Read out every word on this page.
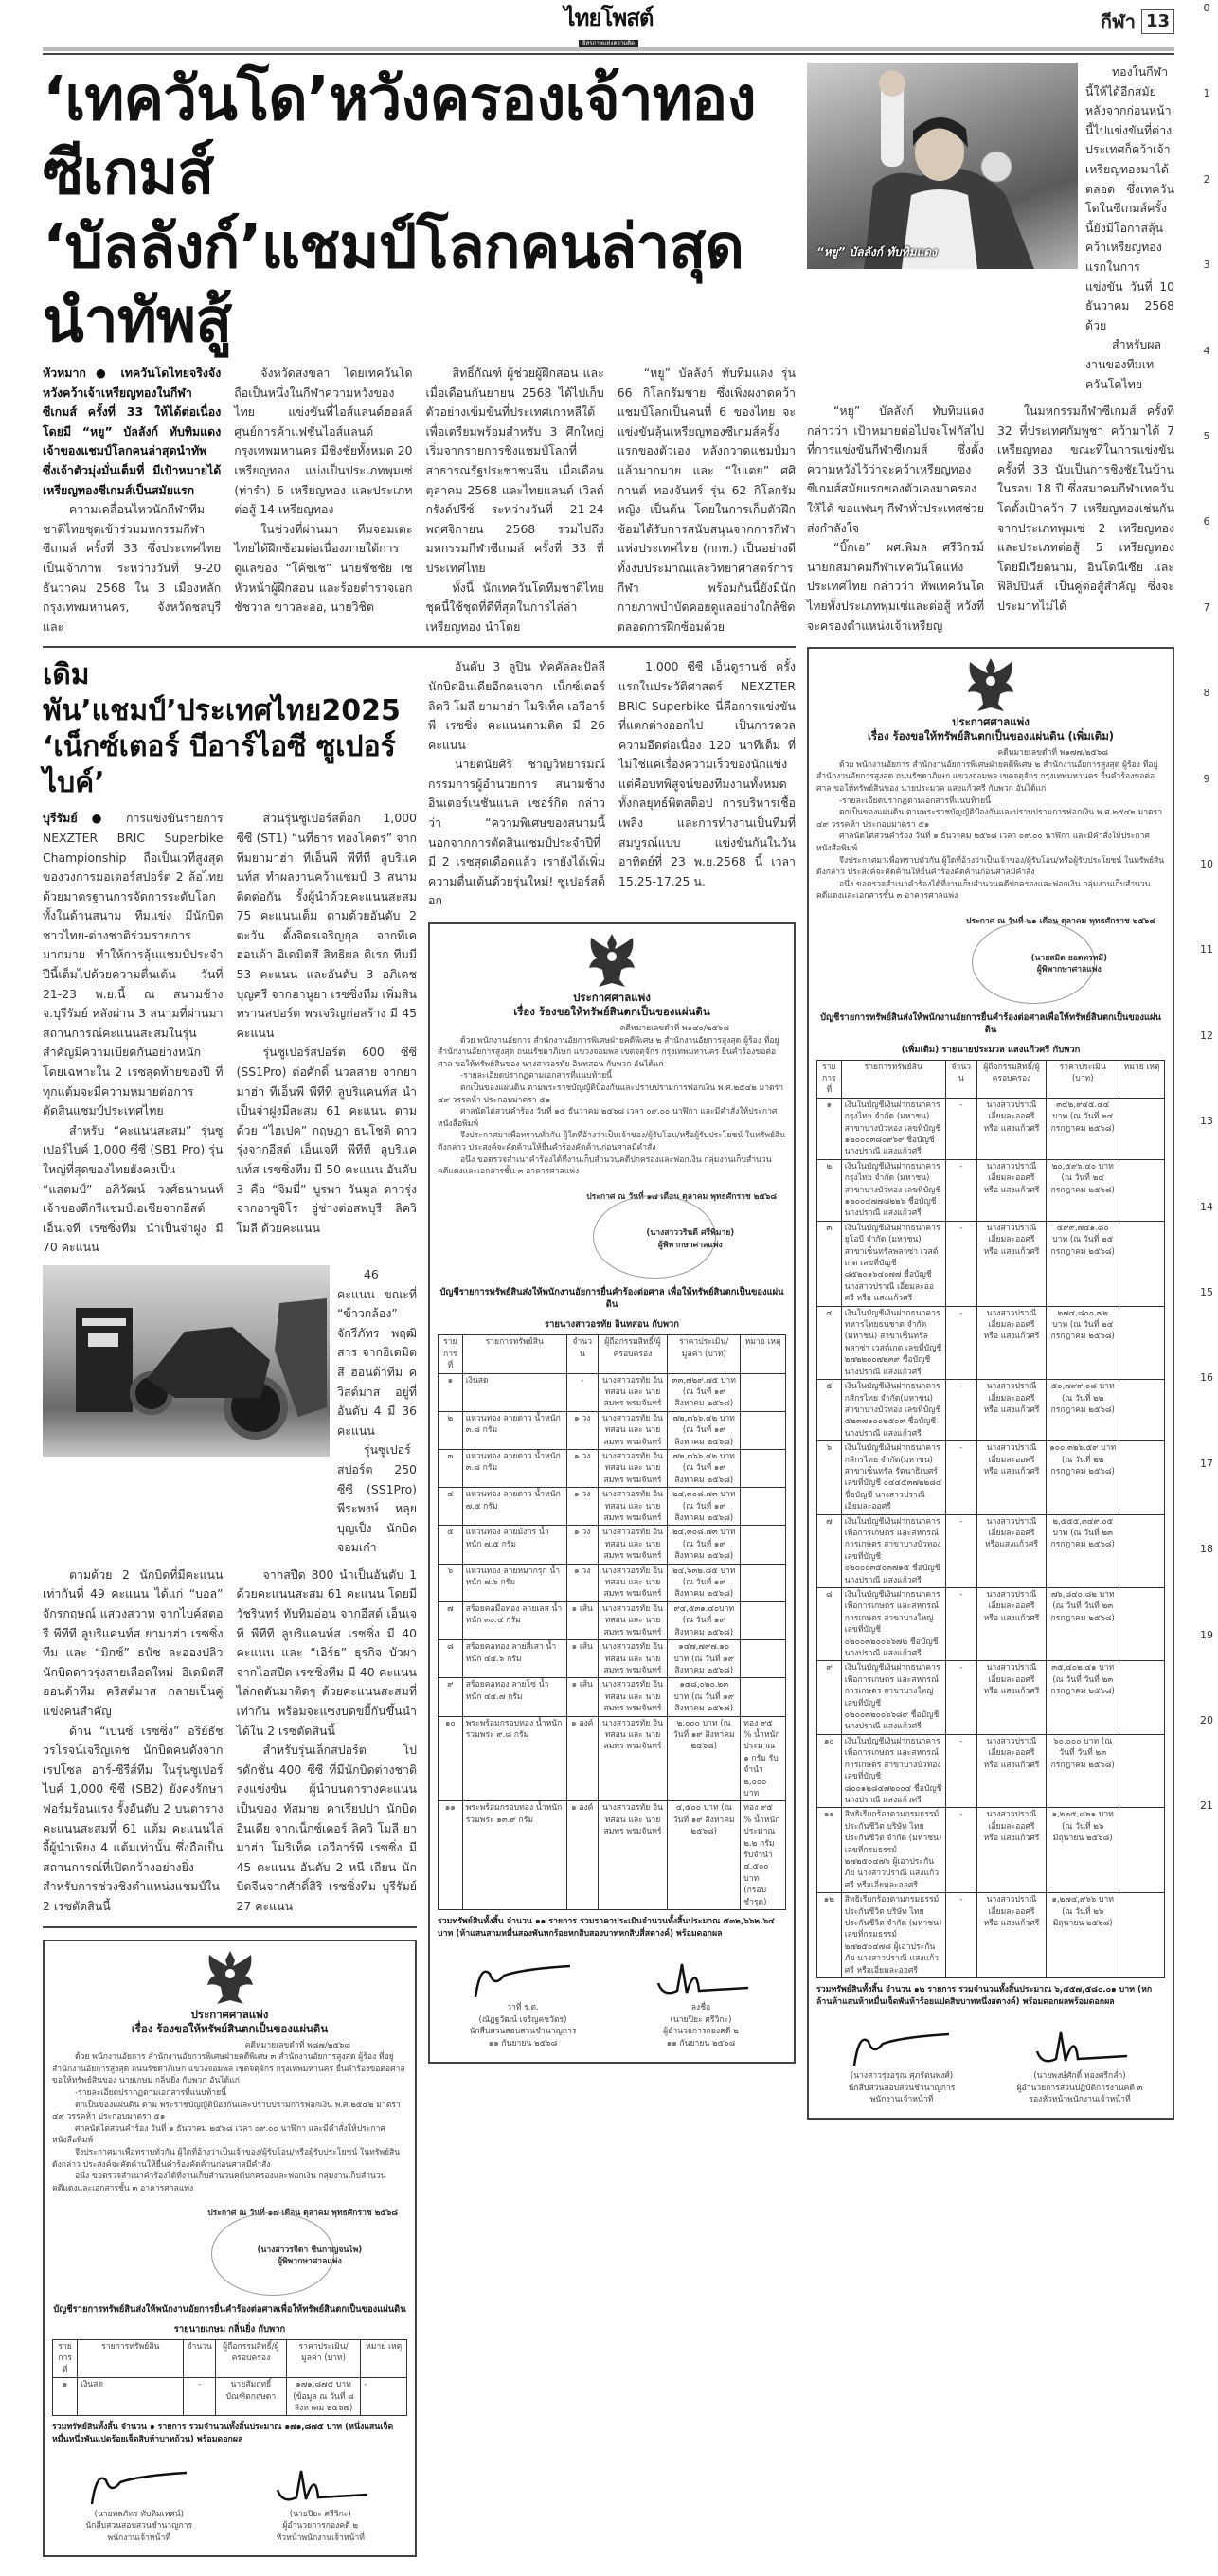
0
1
2
3
4
5
6
7
8
9
10
11
12
13
14
15
16
17
18
19
20
21
ไทยโพสต์
อิสรภาพแห่งความคิด
กีฬา 13
‘เทควันโด’หวังครองเจ้าทองซีเกมส์
‘บัลลังก์’แชมป์โลกคนล่าสุดนำทัพสู้

หัวหมาก ● เทควันโดไทยจริงจัง หวังคว้าเจ้าเหรียญทองในกีฬาซีเกมส์ ครั้งที่ 33 ให้ได้ต่อเนื่อง โดยมี “หยู” บัลลังก์ ทับทิมแดง เจ้าของแชมป์โลกคนล่าสุดนำทัพ ซึ่งเจ้าตัวมุ่งมั่นเต็มที่ มีเป้าหมายได้เหรียญทองซีเกมส์เป็นสมัยแรก

ความเคลื่อนไหวนักกีฬาทีมชาติไทยชุดเข้าร่วมมหกรรมกีฬาซีเกมส์ ครั้งที่ 33 ซึ่งประเทศไทยเป็นเจ้าภาพ ระหว่างวันที่ 9-20 ธันวาคม 2568 ใน 3 เมืองหลัก กรุงเทพมหานคร, จังหวัดชลบุรี และ

จังหวัดสงขลา โดยเทควันโดถือเป็นหนึ่งในกีฬาความหวังของไทย แข่งขันที่ไอส์แลนด์ฮอลล์ ศูนย์การค้าแฟชั่นไอส์แลนด์ กรุงเทพมหานคร มีชิงชัยทั้งหมด 20 เหรียญทอง แบ่งเป็นประเภทพุมเซ่ (ท่ารำ) 6 เหรียญทอง และประเภทต่อสู้ 14 เหรียญทอง

ในช่วงที่ผ่านมา ทีมจอมเตะไทยได้ฝึกซ้อมต่อเนื่องภายใต้การดูแลของ “โค้ชเช” นายชัชชัย เช หัวหน้าผู้ฝึกสอน และร้อยตำรวจเอกชัชวาล ขาวละออ, นายวิชิต

สิทธิ์กัณฑ์ ผู้ช่วยผู้ฝึกสอน และเมื่อเดือนกันยายน 2568 ได้ไปเก็บตัวอย่างเข้มข้นที่ประเทศเกาหลีใต้ เพื่อเตรียมพร้อมสำหรับ 3 ศึกใหญ่ เริ่มจากรายการชิงแชมป์โลกที่สาธารณรัฐประชาชนจีน เมื่อเดือนตุลาคม 2568 และไทยแลนด์ เวิลด์ กรังด์ปรีซ์ ระหว่างวันที่ 21-24 พฤศจิกายน 2568 รวมไปถึงมหกรรมกีฬาซีเกมส์ ครั้งที่ 33 ที่ประเทศไทย

ทั้งนี้ นักเทควันโดทีมชาติไทยชุดนี้ใช้ชุดที่ดีที่สุดในการไล่ล่าเหรียญทอง นำโดย

“หยู” บัลลังก์ ทับทิมแดง รุ่น 66 กิโลกรัมชาย ซึ่งเพิ่งผงาดคว้าแชมป์โลกเป็นคนที่ 6 ของไทย จะแข่งขันลุ้นเหรียญทองซีเกมส์ครั้งแรกของตัวเอง หลังกวาดแชมป์มาแล้วมากมาย และ “ใบเตย” ศศิกานต์ ทองจันทร์ รุ่น 62 กิโลกรัมหญิง เป็นต้น โดยในการเก็บตัวฝึกซ้อมได้รับการสนับสนุนจากการกีฬาแห่งประเทศไทย (กกท.) เป็นอย่างดี ทั้งงบประมาณและวิทยาศาสตร์การกีฬา พร้อมกันนี้ยังมีนักกายภาพบำบัดคอยดูแลอย่างใกล้ชิดตลอดการฝึกซ้อมด้วย

เดิมพัน’แชมป์’ประเทศไทย2025
‘เน็กซ์เตอร์ บีอาร์ไอซี ซูเปอร์ไบค์’

บุรีรัมย์ ● การแข่งขันรายการ NEXZTER BRIC Superbike Championship ถือเป็นเวทีสูงสุดของวงการมอเตอร์สปอร์ต 2 ล้อไทย ด้วยมาตรฐานการจัดการระดับโลก ทั้งในด้านสนาม ทีมแข่ง มีนักบิดชาวไทย-ต่างชาติร่วมรายการมากมาย ทำให้การลุ้นแชมป์ประจำปีนี้เต็มไปด้วยความตื่นเต้น วันที่ 21-23 พ.ย.นี้ ณ สนามช้าง จ.บุรีรัมย์ หลังผ่าน 3 สนามที่ผ่านมา สถานการณ์คะแนนสะสมในรุ่นสำคัญมีความเบียดกันอย่างหนัก โดยเฉพาะใน 2 เรซสุดท้ายของปี ที่ทุกแต้มจะมีความหมายต่อการตัดสินแชมป์ประเทศไทย

สำหรับ “คะแนนสะสม” รุ่นซูเปอร์ไบค์ 1,000 ซีซี (SB1 Pro) รุ่นใหญ่ที่สุดของไทยยังคงเป็น “แสตมป์” อภิวัฒน์ วงศ์ธนานนท์ เจ้าของดีกรีแชมป์เอเชียจากอีสต์ เอ็นเจที เรซซิ่งทีม นำเป็นจ่าฝูง มี 70 คะแนน

ส่วนรุ่นซูเปอร์สต็อก 1,000 ซีซี (ST1) “นที่ธาร ทองโคตร” จากทีมยามาฮ่า ทีเอ็นพี พีทีที ลูบริแคนท์ส ทำผลงานคว้าแชมป์ 3 สนามติดต่อกัน รั้งผู้นำด้วยคะแนนสะสม 75 คะแนนเต็ม ตามด้วยอันดับ 2 ตะวัน ตั้งจิตรเจริญกุล จากทีเค ฮอนด้า อิเดมิตสึ สิทธิผล ดิเรก ทีมมี 53 คะแนน และอันดับ 3 อภิเดช บุญศรี จากฮานูยา เรซซิ่งทีม เพิ่มสินทรานสปอร์ต พรเจริญก่อสร้าง มี 45 คะแนน

รุ่นซูเปอร์สปอร์ต 600 ซีซี (SS1Pro) ต่อศักดิ์ นวลสาย จากยามาฮ่า ทีเอ็นพี พีทีที ลูบริแคนท์ส นำเป็นจ่าฝูงมีสะสม 61 คะแนน ตามด้วย “ไฮเปค” กฤษฎา ธนโชติ ดาวรุ่งจากอีสต์ เอ็นเจที พีทีที ลูบริแคนท์ส เรซซิ่งทีม มี 50 คะแนน อันดับ 3 คือ “จิมมี่” บูรพา วันมูล ดาวรุ่งจากอาซูจิโร อู่ช่างต่อสพบุรี ลิควิโมลี ด้วยคะแนน

46 คะแนน ขณะที่ “ข้าวกล้อง” จักรีภัทร พฤฒิสาร จากอิเดมิตสึ ฮอนด้าทีม ควิสต์มาส อยู่ที่อันดับ 4 มี 36 คะแนน

รุ่นซูเปอร์สปอร์ต 250 ซีซี (SS1Pro) พีระพงษ์ หลุยบุญเป็ง นักบิดจอมเก๋า

ตามด้วย 2 นักบิดที่มีคะแนนเท่ากันที่ 49 คะแนน ได้แก่ “บอล” จักรกฤษณ์ แสวงสวาท จากไบค์สตอรี พีทีที ลูบริแคนท์ส ยามาฮ่า เรซซิ่งทีม และ “มิกซ์” ธนัช ละอองปลิว นักบิดดาวรุ่งสายเลือดใหม่ อิเดมิตสึ ฮอนด้าทีม คริสต์มาส กลายเป็นคู่แข่งคนสำคัญ

ด้าน “เบนซ์ เรซซิ่ง” อริย์ธัช วรโรจน์เจริญเดช นักบิดคนดังจาก เรปโซล อาร์-ซีรีส์ทีม ในรุ่นซูเปอร์ไบค์ 1,000 ซีซี (SB2) ยังคงรักษาฟอร์มร้อนแรง รั้งอันดับ 2 บนตารางคะแนนสะสมที่ 61 แต้ม คะแนนไล่จี้ผู้นำเพียง 4 แต้มเท่านั้น ซึ่งถือเป็นสถานการณ์ที่เปิดกว้างอย่างยิ่งสำหรับการช่วงชิงตำแหน่งแชมป์ใน 2 เรซตัดสินนี้

จากสปีด 800 นำเป็นอันดับ 1 ด้วยคะแนนสะสม 61 คะแนน โดยมี วัชรินทร์ ทับทิมอ่อน จากอีสต์ เอ็นเจที พีทีที ลูบริแคนท์ส เรซซิ่ง มี 40 คะแนน และ “เอิร์ธ” ธุรกิจ บัวผา จากไอสปีด เรซซิ่งทีม มี 40 คะแนน ไล่กดดันมาติดๆ ด้วยคะแนนสะสมที่เท่ากัน พร้อมจะแซงบดขยี้กันขึ้นนำได้ใน 2 เรซตัดสินนี้

สำหรับรุ่นเล็กสปอร์ต โปรดักชั่น 400 ซีซี ที่มีนักบิดต่างชาติลงแข่งขัน ผู้นำบนตารางคะแนนเป็นของ ทัสมาย คาเรียปปา นักบิดอินเดีย จากเน็กซ์เตอร์ ลิควิ โมลี ยามาฮ่า โมริเท็ค เอวีอาร์พี เรซซิ่ง มี 45 คะแนน อันดับ 2 หนี เถียน นักบิดจีนจากศักดิ์สิริ เรซซิ่งทีม บุรีรัมย์ 27 คะแนน

ประกาศศาลแพ่ง
เรื่อง ร้องขอให้ทรัพย์สินตกเป็นของแผ่นดิน
คดีหมายเลขดำที่ พ๘๗/๒๕๖๘

ด้วย พนักงานอัยการ สำนักงานอัยการพิเศษฝ่ายคดีพิเศษ ๓ สำนักงานอัยการสูงสุด ผู้ร้อง ที่อยู่ สำนักงานอัยการสูงสุด ถนนรัชดาภิเษก แขวงจอมพล เขตจตุจักร กรุงเทพมหานคร ยื่นคำร้องขอต่อศาล ขอให้ทรัพย์สินของ นายเกษม กลิ่นยิ่ง กับพวก อันได้แก่

-รายละเอียดปรากฏตามเอกสารที่แนบท้ายนี้

ตกเป็นของแผ่นดิน ตาม พระราชบัญญัติป้องกันและปราบปรามการฟอกเงิน พ.ศ.๒๕๔๒ มาตรา ๔๙ วรรคห้า ประกอบมาตรา ๕๑

ศาลนัดไต่สวนคำร้อง วันที่ ๑ ธันวาคม ๒๕๖๘ เวลา ๐๙.๐๐ นาฬิกา และมีคำสั่งให้ประกาศหนังสือพิมพ์

จึงประกาศมาเพื่อทราบทั่วกัน ผู้ใดที่อ้างว่าเป็นเจ้าของ/ผู้รับโอน/หรือผู้รับประโยชน์ ในทรัพย์สินดังกล่าว ประสงค์จะคัดค้านให้ยื่นคำร้องคัดค้านก่อนศาลมีคำสั่ง

อนึ่ง ขอตรวจสำเนาคำร้องได้ที่งานเก็บสำนวนคดีปกครองและฟอกเงิน กลุ่มงานเก็บสำนวนคดีแดงและเอกสารชั้น ๓ อาคารศาลแพ่ง

ประกาศ ณ วันที่ ๑๗ เดือน ตุลาคม พุทธศักราช ๒๕๖๘
(นางสาวรจิดา ชินกาญจนไพ)
ผู้พิพากษาศาลแพ่ง
บัญชีรายการทรัพย์สินส่งให้พนักงานอัยการยื่นคำร้องต่อศาลเพื่อให้ทรัพย์สินตกเป็นของแผ่นดิน
รายนายเกษม กลิ่นยิ่ง กับพวก
รายการที่	รายการทรัพย์สิน	จำนวน	ผู้ถือกรรมสิทธิ์/ผู้ครอบครอง	ราคาประเมิน/มูลค่า (บาท)	หมาย เหตุ
๑	เงินสด	-	นายสัมฤทธิ์ บัณฑิตกฤษดา	๑๗๑,๘๗๕ บาท (ข้อมูล ณ วันที่ ๘ สิงหาคม ๒๕๖๗)	-
รวมทรัพย์สินทั้งสิ้น จำนวน ๑ รายการ รวมจำนวนทั้งสิ้นประมาณ ๑๗๑,๘๗๕ บาท (หนึ่งแสนเจ็ดหมื่นหนึ่งพันแปดร้อยเจ็ดสิบห้าบาทถ้วน) พร้อมดอกผล
(นายพลภัทร ทับทิมเทศน์)
นักสืบสวนสอบสวนชำนาญการ
พนักงานเจ้าหน้าที่
(นายปิยะ ศรีวิกะ)
ผู้อำนวยการกองคดี ๒
หัวหน้าพนักงานเจ้าหน้าที่

อันดับ 3 ลูปิน ทัคคัลละปัลลี นักบิดอินเดียอีกคนจาก เน็กซ์เตอร์ ลิควิ โมลี ยามาฮ่า โมริเท็ค เอวีอาร์พี เรซซิ่ง คะแนนตามติด มี 26 คะแนน

นายตนัยศิริ ชาญวิทยารมณ์ กรรมการผู้อำนวยการ สนามช้าง อินเตอร์เนชั่นแนล เซอร์กิต กล่าวว่า “ความพิเศษของสนามนี้ นอกจากการตัดสินแชมป์ประจำปีที่มี 2 เรซสุดเดือดแล้ว เรายังได้เพิ่มความตื่นเต้นด้วยรุ่นใหม่! ซูเปอร์สต็อก

1,000 ซีซี เอ็นดูรานซ์ ครั้งแรกในประวัติศาสตร์ NEXZTER BRIC Superbike นี่คือการแข่งขันที่แตกต่างออกไป เป็นการดวลความอึดต่อเนื่อง 120 นาทีเต็ม ที่ไม่ใช่แค่เรื่องความเร็วของนักแข่ง แต่คือบทพิสูจน์ของทีมงานทั้งหมด ทั้งกลยุทธ์พิตสต็อป การบริหารเชื้อเพลิง และการทำงานเป็นทีมที่สมบูรณ์แบบ แข่งขันกันในวันอาทิตย์ที่ 23 พ.ย.2568 นี้ เวลา 15.25-17.25 น.

ประกาศศาลแพ่ง
เรื่อง ร้องขอให้ทรัพย์สินตกเป็นของแผ่นดิน
คดีหมายเลขดำที่ พ๑๔๐/๒๕๖๘

ด้วย พนักงานอัยการ สำนักงานอัยการพิเศษฝ่ายคดีพิเศษ ๒ สำนักงานอัยการสูงสุด ผู้ร้อง ที่อยู่ สำนักงานอัยการสูงสุด ถนนรัชดาภิเษก แขวงจอมพล เขตจตุจักร กรุงเทพมหานคร ยื่นคำร้องขอต่อศาล ขอให้ทรัพย์สินของ นางสาวอรทัย อินทสอน กับพวก อันได้แก่

-รายละเอียดปรากฏตามเอกสารที่แนบท้ายนี้

ตกเป็นของแผ่นดิน ตามพระราชบัญญัติป้องกันและปราบปรามการฟอกเงิน พ.ศ.๒๕๔๒ มาตรา ๔๙ วรรคห้า ประกอบมาตรา ๕๑

ศาลนัดไต่สวนคำร้อง วันที่ ๑๕ ธันวาคม ๒๕๖๘ เวลา ๐๙.๐๐ นาฬิกา และมีคำสั่งให้ประกาศหนังสือพิมพ์

จึงประกาศมาเพื่อทราบทั่วกัน ผู้ใดที่อ้างว่าเป็นเจ้าของ/ผู้รับโอน/หรือผู้รับประโยชน์ ในทรัพย์สินดังกล่าว ประสงค์จะคัดค้านให้ยื่นคำร้องคัดค้านก่อนศาลมีคำสั่ง

อนึ่ง ขอตรวจสำเนาคำร้องได้ที่งานเก็บสำนวนคดีปกครองและฟอกเงิน กลุ่มงานเก็บสำนวนคดีแดงและเอกสารชั้น ๓ อาคารศาลแพ่ง

ประกาศ ณ วันที่ ๑๗ เดือน ตุลาคม พุทธศักราช ๒๕๖๘
(นางสาววรินดี ศรีพิมาย)
ผู้พิพากษาศาลแพ่ง
บัญชีรายการทรัพย์สินส่งให้พนักงานอัยการยื่นคำร้องต่อศาล เพื่อให้ทรัพย์สินตกเป็นของแผ่นดิน
รายนางสาวอรทัย อินทสอน กับพวก
รายการที่	รายการทรัพย์สิน	จำนวน	ผู้ถือกรรมสิทธิ์/ผู้ครอบครอง	ราคาประเมิน/มูลค่า (บาท)	หมาย เหตุ
๑	เงินสด	-	นางสาวอรทัย อินทสอน และ นายสมพร พรมจันทร์	๓๓,๗๒๙.๗๕ บาท (ณ วันที่ ๑๙ สิงหาคม ๒๕๖๘)	
๒	แหวนทอง ลายดาว น้ำหนัก ๓.๘ กรัม	๑ วง	นางสาวอรทัย อินทสอน และ นายสมพร พรมจันทร์	๗๒,๓๖๖.๔๒ บาท (ณ วันที่ ๑๙ สิงหาคม ๒๕๖๘)	
๓	แหวนทอง ลายดาว น้ำหนัก ๓.๘ กรัม	๑ วง	นางสาวอรทัย อินทสอน และ นายสมพร พรมจันทร์	๗๒,๓๖๖.๔๒ บาท (ณ วันที่ ๑๙ สิงหาคม ๒๕๖๘)	
๔	แหวนทอง ลายดาว น้ำหนัก ๗.๕ กรัม	๑ วง	นางสาวอรทัย อินทสอน และ นายสมพร พรมจันทร์	๒๔,๓๐๘.๗๓ บาท (ณ วันที่ ๑๙ สิงหาคม ๒๕๖๘)	
๕	แหวนทอง ลายมังกร น้ำหนัก ๗.๕ กรัม	๑ วง	นางสาวอรทัย อินทสอน และ นายสมพร พรมจันทร์	๒๔,๓๐๘.๗๓ บาท (ณ วันที่ ๑๙ สิงหาคม ๒๕๖๘)	
๖	แหวนทอง ลายหมากรุก น้ำหนัก ๗.๖ กรัม	๑ วง	นางสาวอรทัย อินทสอน และ นายสมพร พรมจันทร์	๒๔,๖๓๒.๘๕ บาท (ณ วันที่ ๑๙ สิงหาคม ๒๕๖๘)	
๗	สร้อยคอมือทอง ลายเลส น้ำหนัก ๓๐.๔ กรัม	๑ เส้น	นางสาวอรทัย อินทสอน และ นายสมพร พรมจันทร์	๙๔,๕๓๑.๔๐บาท (ณ วันที่ ๑๙ สิงหาคม ๒๕๖๘)	
๘	สร้อยคอทอง ลายสี่เสา น้ำหนัก ๔๕.๖ กรัม	๑ เส้น	นางสาวอรทัย อินทสอน และ นายสมพร พรมจันทร์	๑๔๗,๗๙๗.๑๐ บาท (ณ วันที่ ๑๙ สิงหาคม ๒๕๖๘)	
๙	สร้อยคอทอง ลายโซ่ น้ำหนัก ๔๕.๗ กรัม	๑ เส้น	นางสาวอรทัย อินทสอน และ นายสมพร พรมจันทร์	๑๔๘,๐๒๐.๒๓ บาท (ณ วันที่ ๑๙ สิงหาคม ๒๕๖๘)	
๑๐	พระพร้อมกรอบทอง น้ำหนักรวมพระ ๙.๘ กรัม	๑ องค์	นางสาวอรทัย อินทสอน และ นายสมพร พรมจันทร์	๒,๐๐๐ บาท (ณ วันที่ ๑๙ สิงหาคม ๒๕๖๘)	ทอง ๙๕ % น้ำหนักประมาณ ๑ กรัม รับจำนำ ๒,๐๐๐ บาท
๑๑	พระพร้อมกรอบทอง น้ำหนัก รวมพระ ๑๓.๙ กรัม	๑ องค์	นางสาวอรทัย อินทสอน และ นายสมพร พรมจันทร์	๔,๕๐๐ บาท (ณ วันที่ ๑๙ สิงหาคม ๒๕๖๘)	ทอง ๙๕ % น้ำหนักประมาณ ๒.๒ กรัม รับจำนำ ๔,๕๐๐ บาท (กรอบชำรุด)
รวมทรัพย์สินทั้งสิ้น จำนวน ๑๑ รายการ รวมราคาประเมินจำนวนทั้งสิ้นประมาณ ๕๓๒,๖๖๒.๖๔ บาท (ห้าแสนสามหมื่นสองพันหกร้อยหกสิบสองบาทหกสิบสี่สตางค์) พร้อมดอกผล
ว่าที่ ร.ต.
(ณัฏฐวัฒน์ เจริญคชวัตร)
นักสืบสวนสอบสวนชำนาญการ
๑๑ กันยายน ๒๕๖๘
ลงชื่อ
(นายปิยะ ศรีวิกะ)
ผู้อำนวยการกองคดี ๒
๑๑ กันยายน ๒๕๖๘
“หยู” บัลลังก์ ทับทิมแดง

ทองในกีฬานี้ให้ได้อีกสมัย หลังจากก่อนหน้านี้ไปแข่งขันที่ต่างประเทศก็คว้าเจ้าเหรียญทองมาได้ตลอด ซึ่งเทควันโดในซีเกมส์ครั้งนี้ยังมีโอกาสลุ้นคว้าเหรียญทองแรกในการแข่งขัน วันที่ 10 ธันวาคม 2568 ด้วย

สำหรับผลงานของทีมเทควันโดไทย

“หยู” บัลลังก์ ทับทิมแดง กล่าวว่า เป้าหมายต่อไปจะโฟกัสไปที่การแข่งขันกีฬาซีเกมส์ ซึ่งตั้งความหวังไว้ว่าจะคว้าเหรียญทองซีเกมส์สมัยแรกของตัวเองมาครองให้ได้ ขอแฟนๆ กีฬาทั่วประเทศช่วยส่งกำลังใจ

“บิ๊กเอ” ผศ.พิมล ศรีวิกรม์ นายกสมาคมกีฬาเทควันโดแห่งประเทศไทย กล่าวว่า ทัพเทควันโดไทยทั้งประเภทพุมเซ่และต่อสู้ หวังที่จะครองตำแหน่งเจ้าเหรียญ

ในมหกรรมกีฬาซีเกมส์ ครั้งที่ 32 ที่ประเทศกัมพูชา คว้ามาได้ 7 เหรียญทอง ขณะที่ในการแข่งขันครั้งที่ 33 นับเป็นการชิงชัยในบ้านในรอบ 18 ปี ซึ่งสมาคมกีฬาเทควันโดตั้งเป้าคว้า 7 เหรียญทองเช่นกัน จากประเภทพุมเซ่ 2 เหรียญทอง และประเภทต่อสู้ 5 เหรียญทอง โดยมีเวียดนาม, อินโดนีเซีย และฟิลิปปินส์ เป็นคู่ต่อสู้สำคัญ ซึ่งจะประมาทไม่ได้

ประกาศศาลแพ่ง
เรื่อง ร้องขอให้ทรัพย์สินตกเป็นของแผ่นดิน (เพิ่มเติม)
คดีหมายเลขดำที่ พ๑๗๗/๒๕๖๘

ด้วย พนักงานอัยการ สำนักงานอัยการพิเศษฝ่ายคดีพิเศษ ๒ สำนักงานอัยการสูงสุด ผู้ร้อง ที่อยู่ สำนักงานอัยการสูงสุด ถนนรัชดาภิเษก แขวงจอมพล เขตจตุจักร กรุงเทพมหานคร ยื่นคำร้องขอต่อศาล ขอให้ทรัพย์สินของ นายประมวล แสงแก้วศรี กับพวก อันได้แก่

-รายละเอียดปรากฏตามเอกสารที่แนบท้ายนี้

ตกเป็นของแผ่นดิน ตามพระราชบัญญัติป้องกันและปราบปรามการฟอกเงิน พ.ศ.๒๕๔๒ มาตรา ๔๙ วรรคห้า ประกอบมาตรา ๕๑

ศาลนัดไต่สวนคำร้อง วันที่ ๑ ธันวาคม ๒๕๖๘ เวลา ๐๙.๐๐ นาฬิกา และมีคำสั่งให้ประกาศหนังสือพิมพ์

จึงประกาศมาเพื่อทราบทั่วกัน ผู้ใดที่อ้างว่าเป็นเจ้าของ/ผู้รับโอน/หรือผู้รับประโยชน์ ในทรัพย์สินดังกล่าว ประสงค์จะคัดค้านให้ยื่นคำร้องคัดค้านก่อนศาลมีคำสั่ง

อนึ่ง ขอตรวจสำเนาคำร้องได้ที่งานเก็บสำนวนคดีปกครองและฟอกเงิน กลุ่มงานเก็บสำนวนคดีแดงและเอกสารชั้น ๓ อาคารศาลแพ่ง

ประกาศ ณ วันที่ ๒๑ เดือน ตุลาคม พุทธศักราช ๒๕๖๘
(นายสมิต ยอดทรหมี)
ผู้พิพากษาศาลแพ่ง
บัญชีรายการทรัพย์สินส่งให้พนักงานอัยการยื่นคำร้องต่อศาลเพื่อให้ทรัพย์สินตกเป็นของแผ่นดิน
(เพิ่มเติม) รายนายประมวล แสงแก้วศรี กับพวก
รายการที่	รายการทรัพย์สิน	จำนวน	ผู้ถือกรรมสิทธิ์/ผู้ครอบครอง	ราคาประเมิน (บาท)	หมาย เหตุ
๑	เงินในบัญชีเงินฝากธนาคารกรุงไทย จำกัด (มหาชน) สาขาบางบัวทอง เลขที่บัญชี ๑๒๐๐๐๓๘๐๙๖๙ ชื่อบัญชี นางปราณี แสงแก้วศรี	-	นางสาวปราณี เอี่ยมละออศรี หรือ แสงแก้วศรี	๓๔๒,๙๔๕.๔๔ บาท (ณ วันที่ ๒๔ กรกฎาคม ๒๕๖๘)	
๒	เงินในบัญชีเงินฝากธนาคารกรุงไทย จำกัด (มหาชน) สาขาบางบัวทอง เลขที่บัญชี ๑๒๐๐๔๗๗๘๒๒๖ ชื่อบัญชี นางปราณี แสงแก้วศรี	-	นางสาวปราณี เอี่ยมละออศรี หรือ แสงแก้วศรี	๒๐,๕๙๖.๔๐ บาท (ณ วันที่ ๒๔ กรกฎาคม ๒๕๖๘)	
๓	เงินในบัญชีเงินฝากธนาคารยูโอบี จำกัด (มหาชน) สาขาเซ็นทรัลพลาซ่า เวสต์เกต เลขที่บัญชี ๘๕๒๐๑๖๔๐๗๗ ชื่อบัญชี นางสาวปราณี เอี่ยมละออศรี หรือ แสงแก้วศรี	-	นางสาวปราณี เอี่ยมละออศรี หรือ แสงแก้วศรี	๔๙๙,๗๔๑.๘๐ บาท (ณ วันที่ ๒๕ กรกฎาคม ๒๕๖๘)	
๔	เงินในบัญชีเงินฝากธนาคารทหารไทยธนชาต จำกัด (มหาชน) สาขาเซ็นทรัลพลาซ่า เวสต์เกต เลขที่บัญชี ๒๗๒๒๐๐๗๒๓๙ ชื่อบัญชี นางปราณี แสงแก้วศรี	-	นางสาวปราณี เอี่ยมละออศรี หรือ แสงแก้วศรี	๒๗๔,๘๐๐.๗๒ บาท (ณ วันที่ ๒๔ กรกฎาคม ๒๕๖๘)	
๕	เงินในบัญชีเงินฝากธนาคารกสิกรไทย จำกัด(มหาชน) สาขาบางบัวทอง เลขที่บัญชี ๕๒๓๗๑๐๐๒๕๐๙ ชื่อบัญชี นางปราณี แสงแก้วศรี	-	นางสาวปราณี เอี่ยมละออศรี หรือ แสงแก้วศรี	๕๐,๗๙๙.๐๘ บาท (ณ วันที่ ๒๒ กรกฎาคม ๒๕๖๘)	
๖	เงินในบัญชีเงินฝากธนาคารกสิกรไทย จำกัด(มหาชน) สาขาเซ็นทรัล รัตนาธิเบศร์ เลขที่บัญชี ๐๔๔๕๓๗๒๒๘๔ ชื่อบัญชี นางสาวปราณี เอี่ยมละออศรี	-	นางสาวปราณี เอี่ยมละออศรี หรือ แสงแก้วศรี	๑๐๐,๓๒๖.๕๙ บาท (ณ วันที่ ๒๒ กรกฎาคม ๒๕๖๘)	
๗	เงินในบัญชีเงินฝากธนาคารเพื่อการเกษตร และสหกรณ์การเกษตร สาขาบางบัวทอง เลขที่บัญชี ๐๒๐๐๐๓๕๐๓๗๑๕ ชื่อบัญชี นางปราณี แสงแก้วศรี	-	นางสาวปราณี เอี่ยมละออศรี หรือแสงแก้วศรี	๒,๕๕๕,๓๔๙.๐๕ บาท (ณ วันที่ ๒๓ กรกฎาคม ๒๕๖๘)	
๘	เงินในบัญชีเงินฝากธนาคารเพื่อการเกษตร และสหกรณ์การเกษตร สาขาบางใหญ่ เลขที่บัญชี ๐๒๐๐๓๒๐๐๖๖๗๒ ชื่อบัญชี นางปราณี แสงแก้วศรี	-	นางสาวปราณี เอี่ยมละออศรี หรือ แสงแก้วศรี	๗๖,๘๔๐.๘๒ บาท (ณ วันที่ วันที่ ๒๓ กรกฎาคม ๒๕๖๘)	
๙	เงินในบัญชีเงินฝากธนาคารเพื่อการเกษตร และสหกรณ์การเกษตร สาขาบางใหญ่ เลขที่บัญชี ๐๒๐๐๓๒๐๐๖๖๘๙ ชื่อบัญชี นางปราณี แสงแก้วศรี	-	นางสาวปราณี เอี่ยมละออศรี หรือ แสงแก้วศรี	๓๕,๔๐๒.๔๑ บาท (ณ วันที่ วันที่ ๒๓ กรกฎาคม ๒๕๖๘)	
๑๐	เงินในบัญชีเงินฝากธนาคารเพื่อการเกษตร และสหกรณ์การเกษตร สาขาบางบัวทอง เลขที่บัญชี ๘๐๐๑๒๘๔๗๒๐๐๔ ชื่อบัญชี นางปราณี แสงแก้วศรี	-	นางสาวปราณี เอี่ยมละออศรี หรือ แสงแก้วศรี	๖๐,๐๐๐ บาท (ณ วันที่ วันที่ ๒๓ กรกฎาคม ๒๕๖๘)	
๑๑	สิทธิเรียกร้องตามกรมธรรม์ประกันชีวิต บริษัท ไทยประกันชีวิต จำกัด (มหาชน) เลขที่กรมธรรม์ ๒๗๒๕๐๔๗๖ ผู้เอาประกันภัย นางสาวปราณี แสงแก้วศรี หรือเอี่ยมละออศรี	-	นางสาวปราณี เอี่ยมละออศรี หรือ แสงแก้วศรี	๑,๒๒๕,๘๒๑ บาท (ณ วันที่ ๒๖ มิถุนายน ๒๕๖๘)	
๑๒	สิทธิเรียกร้องตามกรมธรรม์ประกันชีวิต บริษัท ไทยประกันชีวิต จำกัด (มหาชน) เลขที่กรมธรรม์ ๒๗๒๕๐๔๗๘ ผู้เอาประกันภัย นางสาวปราณี แสงแก้วศรี หรือเอี่ยมละออศรี	-	นางสาวปราณี เอี่ยมละออศรี หรือ แสงแก้วศรี	๑,๒๗๔,๙๖๖ บาท (ณ วันที่ ๒๖ มิถุนายน ๒๕๖๘)	
รวมทรัพย์สินทั้งสิ้น จำนวน ๑๒ รายการ รวมจำนวนทั้งสิ้นประมาณ ๖,๕๕๗,๕๘๐.๐๑ บาท (หกล้านห้าแสนห้าหมื่นเจ็ดพันห้าร้อยแปดสิบบาทหนึ่งสตางค์) พร้อมดอกผลพร้อมดอกผล
(นางสาวรุ่งอรุณ ศุภรัตนพงศ์)
นักสืบสวนสอบสวนชำนาญการ
พนักงานเจ้าหน้าที่
(นายพงษ์ศักดิ์ ทองศรีกล่ำ)
ผู้อำนวยการส่วนปฏิบัติการงานคดี ๓
รองหัวหน้าพนักงานเจ้าหน้าที่
